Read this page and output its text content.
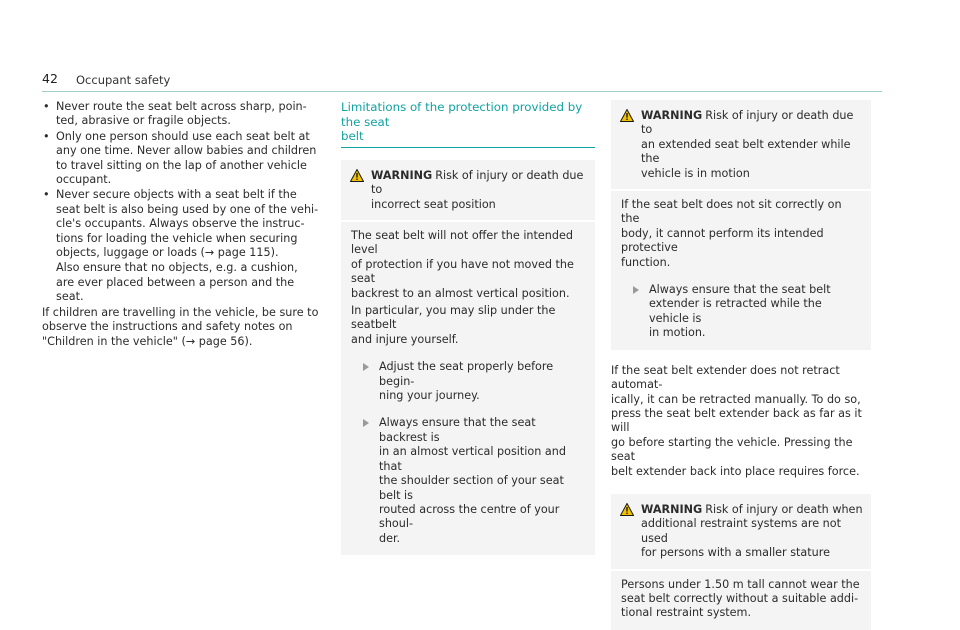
42 Occupant safety
• Never route the seat belt across sharp, poin-
ted, abrasive or fragile objects.
• Only one person should use each seat belt at
any one time. Never allow babies and children
to travel sitting on the lap of another vehicle
occupant.
• Never secure objects with a seat belt if the
seat belt is also being used by one of the vehi-
cle's occupants. Always observe the instruc-
tions for loading the vehicle when securing
objects, luggage or loads (→ page 115).
Also ensure that no objects, e.g. a cushion,
are ever placed between a person and the
seat.

If children are travelling in the vehicle, be sure to
observe the instructions and safety notes on
"Children in the vehicle" (→ page 56).

Limitations of the protection provided by the seat
belt
WARNING Risk of injury or death due to
incorrect seat position

The seat belt will not offer the intended level
of protection if you have not moved the seat
backrest to an almost vertical position.

In particular, you may slip under the seatbelt
and injure yourself.

Adjust the seat properly before begin-
ning your journey.
Always ensure that the seat backrest is
in an almost vertical position and that
the shoulder section of your seat belt is
routed across the centre of your shoul-
der.
WARNING Risk of injury or death due to
an extended seat belt extender while the
vehicle is in motion

If the seat belt does not sit correctly on the
body, it cannot perform its intended protective
function.

Always ensure that the seat belt
extender is retracted while the vehicle is
in motion.

If the seat belt extender does not retract automat-
ically, it can be retracted manually. To do so,
press the seat belt extender back as far as it will
go before starting the vehicle. Pressing the seat
belt extender back into place requires force.

WARNING Risk of injury or death when
additional restraint systems are not used
for persons with a smaller stature

Persons under 1.50 m tall cannot wear the
seat belt correctly without a suitable addi-
tional restraint system.
